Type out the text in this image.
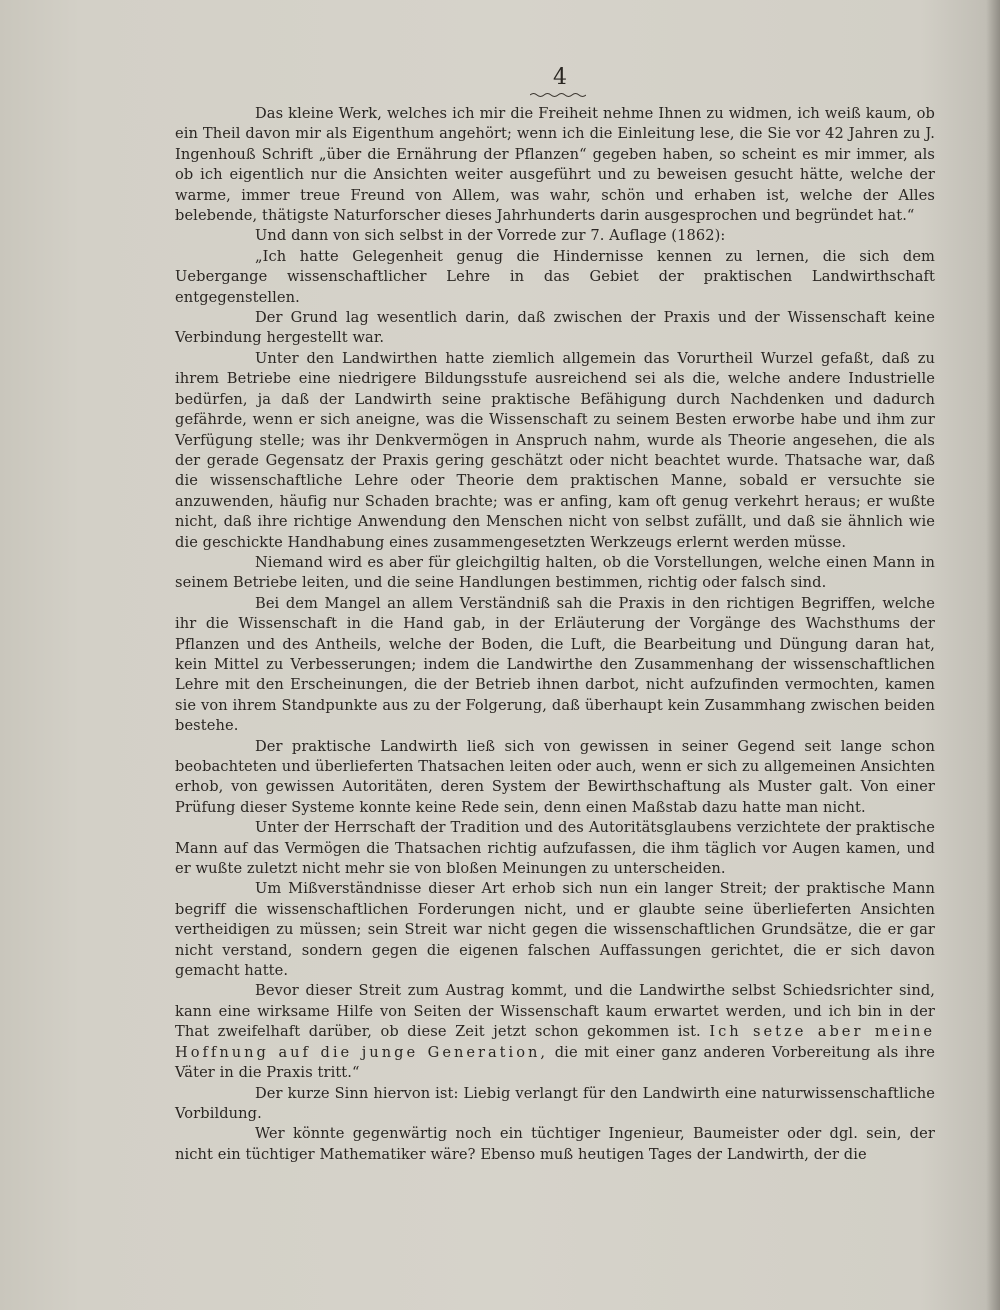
4

Das kleine Werk, welches ich mir die Freiheit nehme Ihnen zu widmen, ich weiß kaum, ob ein Theil davon mir als Eigenthum angehört; wenn ich die Einleitung lese, die Sie vor 42 Jahren zu J. Ingenhouß Schrift „über die Ernährung der Pflanzen“ gegeben haben, so scheint es mir immer, als ob ich eigentlich nur die Ansichten weiter ausgeführt und zu beweisen gesucht hätte, welche der warme, immer treue Freund von Allem, was wahr, schön und erhaben ist, welche der Alles belebende, thätigste Naturforscher dieses Jahrhunderts darin ausgesprochen und begründet hat.“

Und dann von sich selbst in der Vorrede zur 7. Auflage (1862):

„Ich hatte Gelegenheit genug die Hindernisse kennen zu lernen, die sich dem Uebergange wissenschaftlicher Lehre in das Gebiet der praktischen Landwirthschaft entgegenstellen.

Der Grund lag wesentlich darin, daß zwischen der Praxis und der Wissenschaft keine Verbindung hergestellt war.

Unter den Landwirthen hatte ziemlich allgemein das Vorurtheil Wurzel gefaßt, daß zu ihrem Betriebe eine niedrigere Bildungsstufe ausreichend sei als die, welche andere Industrielle bedürfen, ja daß der Landwirth seine praktische Befähigung durch Nachdenken und dadurch gefährde, wenn er sich aneigne, was die Wissenschaft zu seinem Besten erworbe habe und ihm zur Verfügung stelle; was ihr Denkvermögen in Anspruch nahm, wurde als Theorie angesehen, die als der gerade Gegensatz der Praxis gering geschätzt oder nicht beachtet wurde. Thatsache war, daß die wissenschaftliche Lehre oder Theorie dem praktischen Manne, sobald er versuchte sie anzuwenden, häufig nur Schaden brachte; was er anfing, kam oft genug verkehrt heraus; er wußte nicht, daß ihre richtige Anwendung den Menschen nicht von selbst zufällt, und daß sie ähnlich wie die geschickte Handhabung eines zusammengesetzten Werkzeugs erlernt werden müsse.

Niemand wird es aber für gleichgiltig halten, ob die Vorstellungen, welche einen Mann in seinem Betriebe leiten, und die seine Handlungen bestimmen, richtig oder falsch sind.

Bei dem Mangel an allem Verständniß sah die Praxis in den richtigen Begriffen, welche ihr die Wissenschaft in die Hand gab, in der Erläuterung der Vorgänge des Wachsthums der Pflanzen und des Antheils, welche der Boden, die Luft, die Bearbeitung und Düngung daran hat, kein Mittel zu Verbesserungen; indem die Landwirthe den Zusammenhang der wissenschaftlichen Lehre mit den Erscheinungen, die der Betrieb ihnen darbot, nicht aufzufinden vermochten, kamen sie von ihrem Standpunkte aus zu der Folgerung, daß überhaupt kein Zusammhang zwischen beiden bestehe.

Der praktische Landwirth ließ sich von gewissen in seiner Gegend seit lange schon beobachteten und überlieferten Thatsachen leiten oder auch, wenn er sich zu allgemeinen Ansichten erhob, von gewissen Autoritäten, deren System der Bewirthschaftung als Muster galt. Von einer Prüfung dieser Systeme konnte keine Rede sein, denn einen Maßstab dazu hatte man nicht.

Unter der Herrschaft der Tradition und des Autoritätsglaubens verzichtete der praktische Mann auf das Vermögen die Thatsachen richtig aufzufassen, die ihm täglich vor Augen kamen, und er wußte zuletzt nicht mehr sie von bloßen Meinungen zu unterscheiden.

Um Mißverständnisse dieser Art erhob sich nun ein langer Streit; der praktische Mann begriff die wissenschaftlichen Forderungen nicht, und er glaubte seine überlieferten Ansichten vertheidigen zu müssen; sein Streit war nicht gegen die wissenschaftlichen Grundsätze, die er gar nicht verstand, sondern gegen die eigenen falschen Auffassungen gerichtet, die er sich davon gemacht hatte.

Bevor dieser Streit zum Austrag kommt, und die Landwirthe selbst Schiedsrichter sind, kann eine wirksame Hilfe von Seiten der Wissenschaft kaum erwartet werden, und ich bin in der That zweifelhaft darüber, ob diese Zeit jetzt schon gekommen ist. Ich setze aber meine Hoffnung auf die junge Generation, die mit einer ganz anderen Vorbereitung als ihre Väter in die Praxis tritt.“

Der kurze Sinn hiervon ist: Liebig verlangt für den Landwirth eine naturwissenschaftliche Vorbildung.

Wer könnte gegenwärtig noch ein tüchtiger Ingenieur, Baumeister oder dgl. sein, der nicht ein tüchtiger Mathematiker wäre? Ebenso muß heutigen Tages der Landwirth, der die
